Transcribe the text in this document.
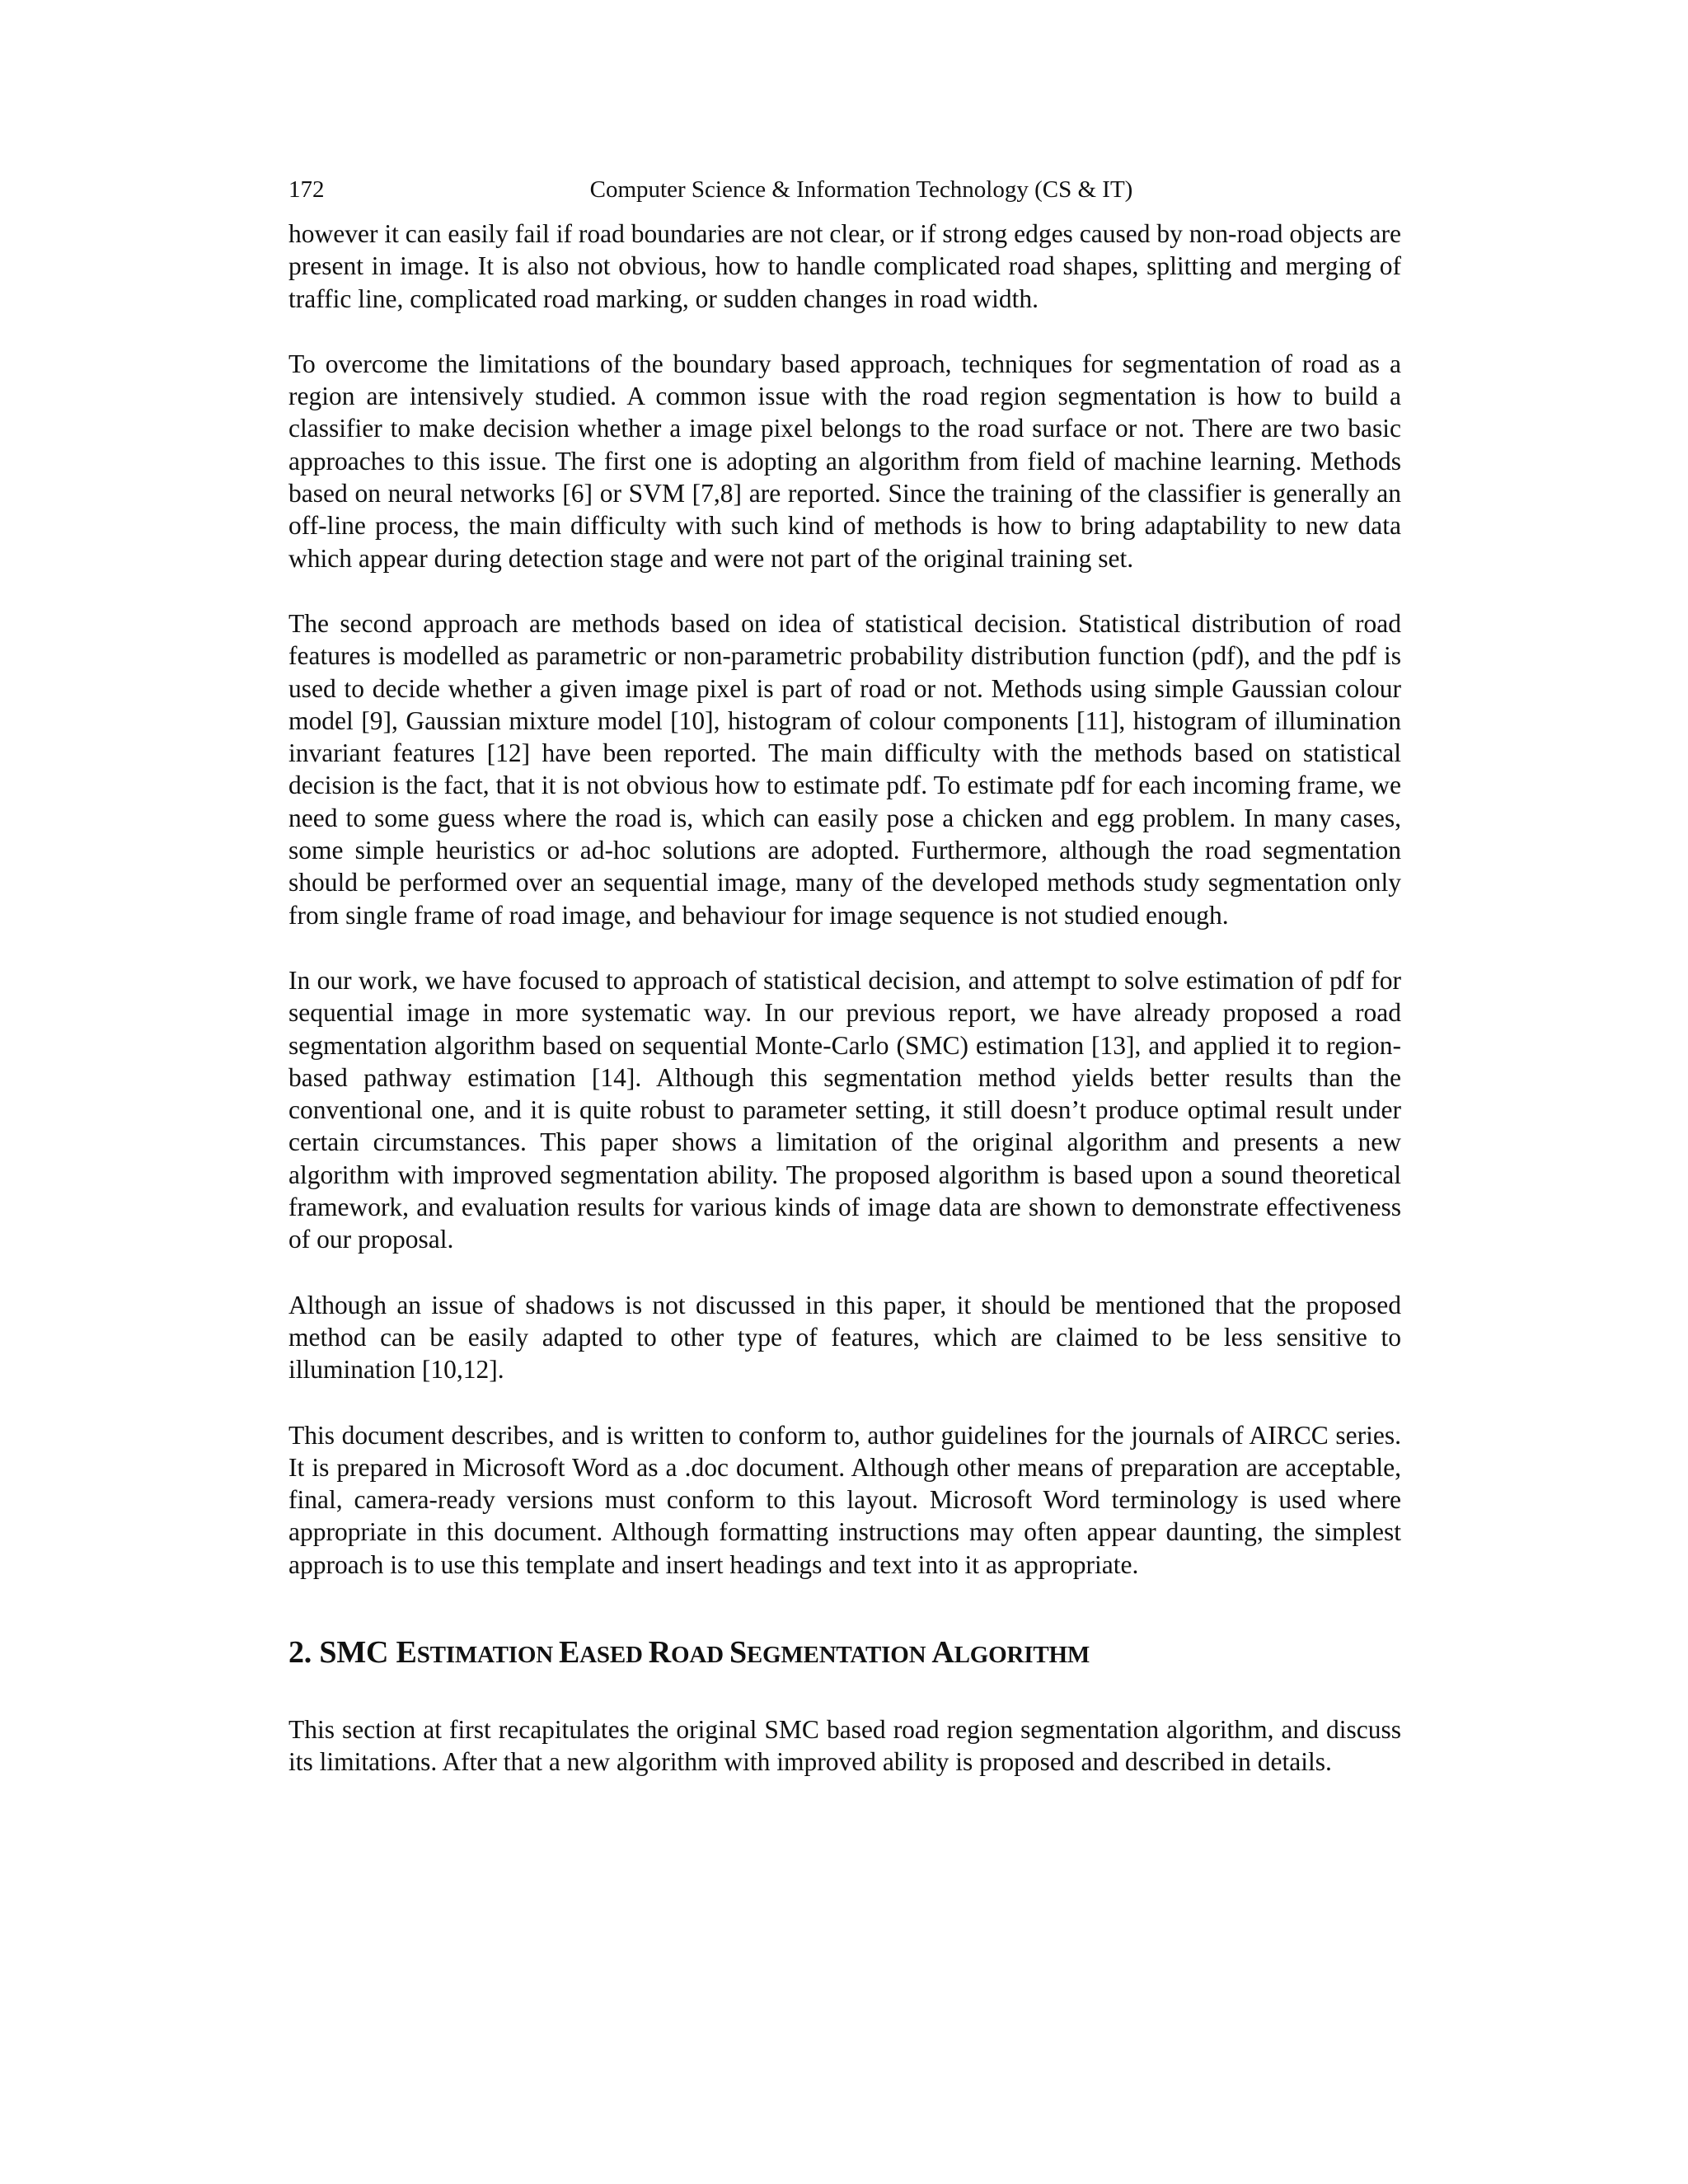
172	Computer Science & Information Technology (CS & IT)

however it can easily fail if road boundaries are not clear, or if strong edges caused by non-road objects are present in image. It is also not obvious, how to handle complicated road shapes, splitting and merging of traffic line, complicated road marking, or sudden changes in road width.

To overcome the limitations of the boundary based approach, techniques for segmentation of road as a region are intensively studied. A common issue with the road region segmentation is how to build a classifier to make decision whether a image pixel belongs to the road surface or not. There are two basic approaches to this issue. The first one is adopting an algorithm from field of machine learning. Methods based on neural networks [6] or SVM [7,8] are reported. Since the training of the classifier is generally an off-line process, the main difficulty with such kind of methods is how to bring adaptability to new data which appear during detection stage and were not part of the original training set.

The second approach are methods based on idea of statistical decision. Statistical distribution of road features is modelled as parametric or non-parametric probability distribution function (pdf), and the pdf is used to decide whether a given image pixel is part of road or not. Methods using simple Gaussian colour model [9], Gaussian mixture model [10], histogram of colour components [11], histogram of illumination invariant features [12] have been reported. The main difficulty with the methods based on statistical decision is the fact, that it is not obvious how to estimate pdf. To estimate pdf for each incoming frame, we need to some guess where the road is, which can easily pose a chicken and egg problem. In many cases, some simple heuristics or ad-hoc solutions are adopted. Furthermore, although the road segmentation should be performed over an sequential image, many of the developed methods study segmentation only from single frame of road image, and behaviour for image sequence is not studied enough.

In our work, we have focused to approach of statistical decision, and attempt to solve estimation of pdf for sequential image in more systematic way. In our previous report, we have already proposed a road segmentation algorithm based on sequential Monte-Carlo (SMC) estimation [13], and applied it to region-based pathway estimation [14]. Although this segmentation method yields better results than the conventional one, and it is quite robust to parameter setting, it still doesn’t produce optimal result under certain circumstances. This paper shows a limitation of the original algorithm and presents a new algorithm with improved segmentation ability. The proposed algorithm is based upon a sound theoretical framework, and evaluation results for various kinds of image data are shown to demonstrate effectiveness of our proposal.

Although an issue of shadows is not discussed in this paper, it should be mentioned that the proposed method can be easily adapted to other type of features, which are claimed to be less sensitive to illumination [10,12].

This document describes, and is written to conform to, author guidelines for the journals of AIRCC series. It is prepared in Microsoft Word as a .doc document. Although other means of preparation are acceptable, final, camera-ready versions must conform to this layout. Microsoft Word terminology is used where appropriate in this document. Although formatting instructions may often appear daunting, the simplest approach is to use this template and insert headings and text into it as appropriate.

2. SMC ESTIMATION EASED ROAD SEGMENTATION ALGORITHM

This section at first recapitulates the original SMC based road region segmentation algorithm, and discuss its limitations. After that a new algorithm with improved ability is proposed and described in details.
